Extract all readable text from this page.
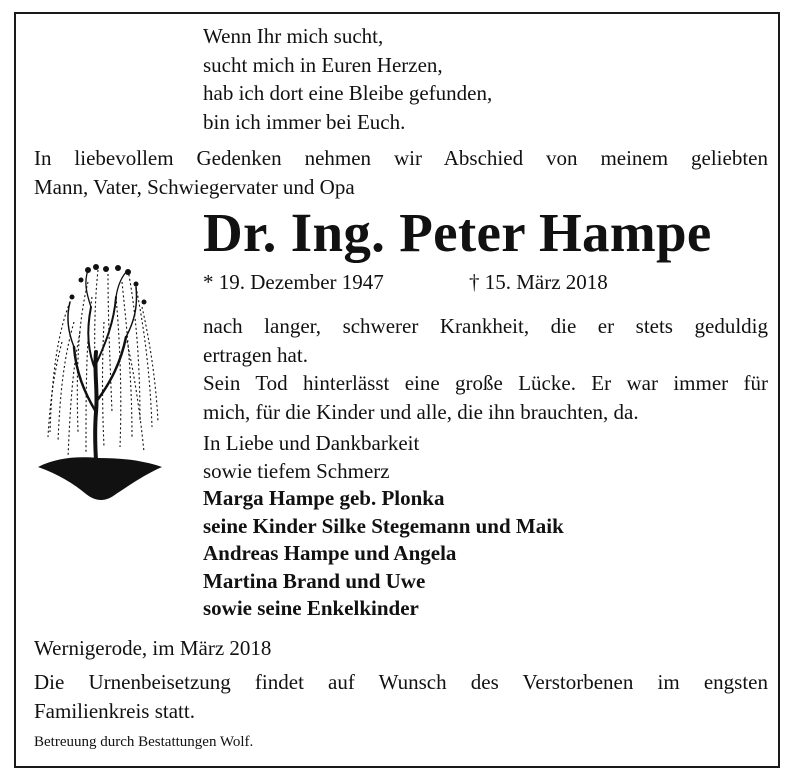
Wenn Ihr mich sucht,
sucht mich in Euren Herzen,
hab ich dort eine Bleibe gefunden,
bin ich immer bei Euch.
In liebevollem Gedenken nehmen wir Abschied von meinem geliebten
Mann, Vater, Schwiegervater und Opa
Dr. Ing. Peter Hampe
* 19. Dezember 1947	† 15. März 2018
nach langer, schwerer Krankheit, die er stets geduldig
ertragen hat.
Sein Tod hinterlässt eine große Lücke. Er war immer für
mich, für die Kinder und alle, die ihn brauchten, da.
In Liebe und Dankbarkeit
sowie tiefem Schmerz
Marga Hampe geb. Plonka
seine Kinder Silke Stegemann und Maik
Andreas Hampe und Angela
Martina Brand und Uwe
sowie seine Enkelkinder
Wernigerode, im März 2018
Die Urnenbeisetzung findet auf Wunsch des Verstorbenen im engsten
Familienkreis statt.
Betreuung durch Bestattungen Wolf.
